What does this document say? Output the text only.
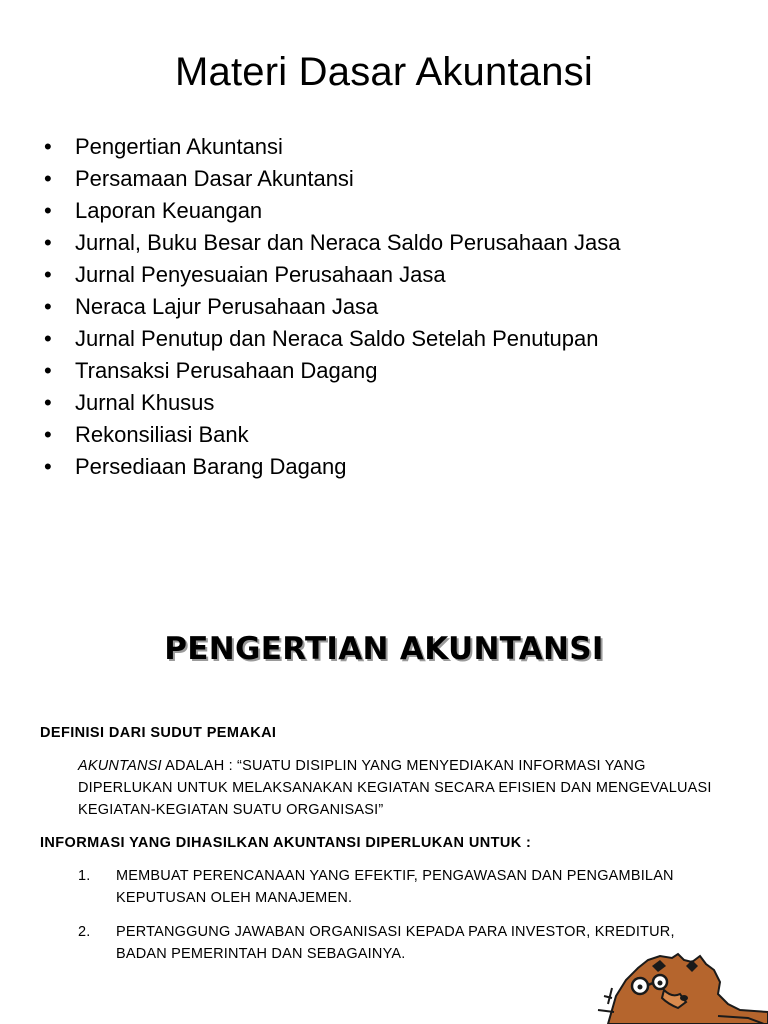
Materi Dasar Akuntansi
•	Pengertian Akuntansi
•	Persamaan Dasar Akuntansi
•	Laporan Keuangan
•	Jurnal, Buku Besar dan Neraca Saldo Perusahaan Jasa
•	Jurnal Penyesuaian Perusahaan Jasa
•	Neraca Lajur Perusahaan Jasa
•	Jurnal Penutup dan Neraca Saldo Setelah Penutupan
•	Transaksi Perusahaan Dagang
•	Jurnal Khusus
•	Rekonsiliasi Bank
•	Persediaan Barang Dagang
PENGERTIAN AKUNTANSI
DEFINISI DARI SUDUT PEMAKAI
AKUNTANSI ADALAH : “SUATU DISIPLIN YANG MENYEDIAKAN INFORMASI YANG DIPERLUKAN UNTUK MELAKSANAKAN KEGIATAN SECARA EFISIEN DAN MENGEVALUASI KEGIATAN-KEGIATAN SUATU ORGANISASI”
INFORMASI YANG DIHASILKAN AKUNTANSI DIPERLUKAN UNTUK :
1. MEMBUAT PERENCANAAN YANG EFEKTIF, PENGAWASAN DAN PENGAMBILAN KEPUTUSAN OLEH MANAJEMEN.
2. PERTANGGUNG JAWABAN ORGANISASI KEPADA PARA INVESTOR, KREDITUR, BADAN PEMERINTAH DAN SEBAGAINYA.
